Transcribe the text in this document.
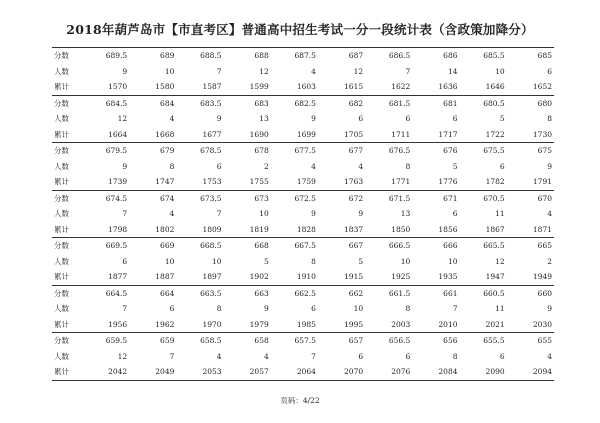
2018年葫芦岛市【市直考区】普通高中招生考试一分一段统计表（含政策加降分）
分数	689.5	689	688.5	688	687.5	687	686.5	686	685.5	685
人数	9	10	7	12	4	12	7	14	10	6
累计	1570	1580	1587	1599	1603	1615	1622	1636	1646	1652
分数	684.5	684	683.5	683	682.5	682	681.5	681	680.5	680
人数	12	4	9	13	9	6	6	6	5	8
累计	1664	1668	1677	1690	1699	1705	1711	1717	1722	1730
分数	679.5	679	678.5	678	677.5	677	676.5	676	675.5	675
人数	9	8	6	2	4	4	8	5	6	9
累计	1739	1747	1753	1755	1759	1763	1771	1776	1782	1791
分数	674.5	674	673.5	673	672.5	672	671.5	671	670.5	670
人数	7	4	7	10	9	9	13	6	11	4
累计	1798	1802	1809	1819	1828	1837	1850	1856	1867	1871
分数	669.5	669	668.5	668	667.5	667	666.5	666	665.5	665
人数	6	10	10	5	8	5	10	10	12	2
累计	1877	1887	1897	1902	1910	1915	1925	1935	1947	1949
分数	664.5	664	663.5	663	662.5	662	661.5	661	660.5	660
人数	7	6	8	9	6	10	8	7	11	9
累计	1956	1962	1970	1979	1985	1995	2003	2010	2021	2030
分数	659.5	659	658.5	658	657.5	657	656.5	656	655.5	655
人数	12	7	4	4	7	6	6	8	6	4
累计	2042	2049	2053	2057	2064	2070	2076	2084	2090	2094
页码：4/22
